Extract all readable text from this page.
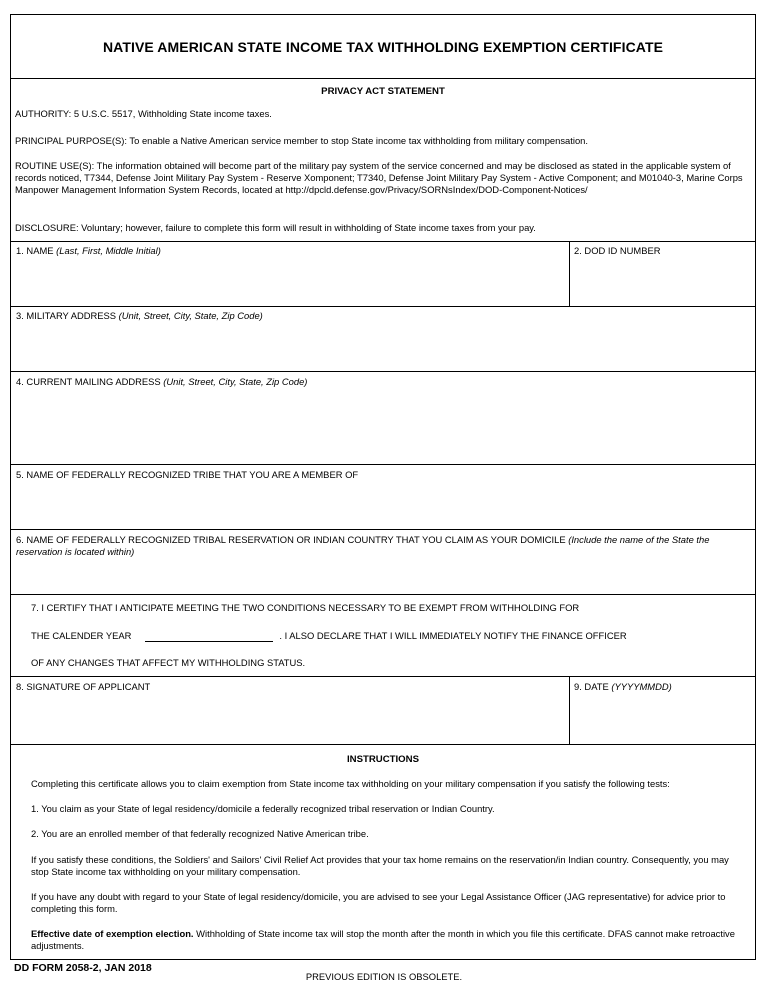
NATIVE AMERICAN STATE INCOME TAX WITHHOLDING EXEMPTION CERTIFICATE
PRIVACY ACT STATEMENT

AUTHORITY: 5 U.S.C. 5517, Withholding State income taxes.

PRINCIPAL PURPOSE(S): To enable a Native American service member to stop State income tax withholding from military compensation.

ROUTINE USE(S): The information obtained will become part of the military pay system of the service concerned and may be disclosed as stated in the applicable system of records noticed, T7344, Defense Joint Military Pay System - Reserve Xomponent; T7340, Defense Joint Military Pay System - Active Component; and M01040-3, Marine Corps Manpower Management Information System Records, located at http://dpcld.defense.gov/Privacy/SORNsIndex/DOD-Component-Notices/

DISCLOSURE: Voluntary; however, failure to complete this form will result in withholding of State income taxes from your pay.

1. NAME (Last, First, Middle Initial)	2. DOD ID NUMBER
3. MILITARY ADDRESS (Unit, Street, City, State, Zip Code)
4. CURRENT MAILING ADDRESS (Unit, Street, City, State, Zip Code)
5. NAME OF FEDERALLY RECOGNIZED TRIBE THAT YOU ARE A MEMBER OF
6. NAME OF FEDERALLY RECOGNIZED TRIBAL RESERVATION OR INDIAN COUNTRY THAT YOU CLAIM AS YOUR DOMICILE (Include the name of the State the reservation is located within)
7. I CERTIFY THAT I ANTICIPATE MEETING THE TWO CONDITIONS NECESSARY TO BE EXEMPT FROM WITHHOLDING FOR
THE CALENDER YEAR	. I ALSO DECLARE THAT I WILL IMMEDIATELY NOTIFY THE FINANCE OFFICER
OF ANY CHANGES THAT AFFECT MY WITHHOLDING STATUS.
8. SIGNATURE OF APPLICANT	9. DATE (YYYYMMDD)
INSTRUCTIONS

Completing this certificate allows you to claim exemption from State income tax withholding on your military compensation if you satisfy the following tests:

1. You claim as your State of legal residency/domicile a federally recognized tribal reservation or Indian Country.

2. You are an enrolled member of that federally recognized Native American tribe.

If you satisfy these conditions, the Soldiers' and Sailors' Civil Relief Act provides that your tax home remains on the reservation/in Indian country. Consequently, you may stop State income tax withholding on your military compensation.

If you have any doubt with regard to your State of legal residency/domicile, you are advised to see your Legal Assistance Officer (JAG representative) for advice prior to completing this form.

Effective date of exemption election. Withholding of State income tax will stop the month after the month in which you file this certificate. DFAS cannot make retroactive adjustments.

DD FORM 2058-2, JAN 2018
PREVIOUS EDITION IS OBSOLETE.
